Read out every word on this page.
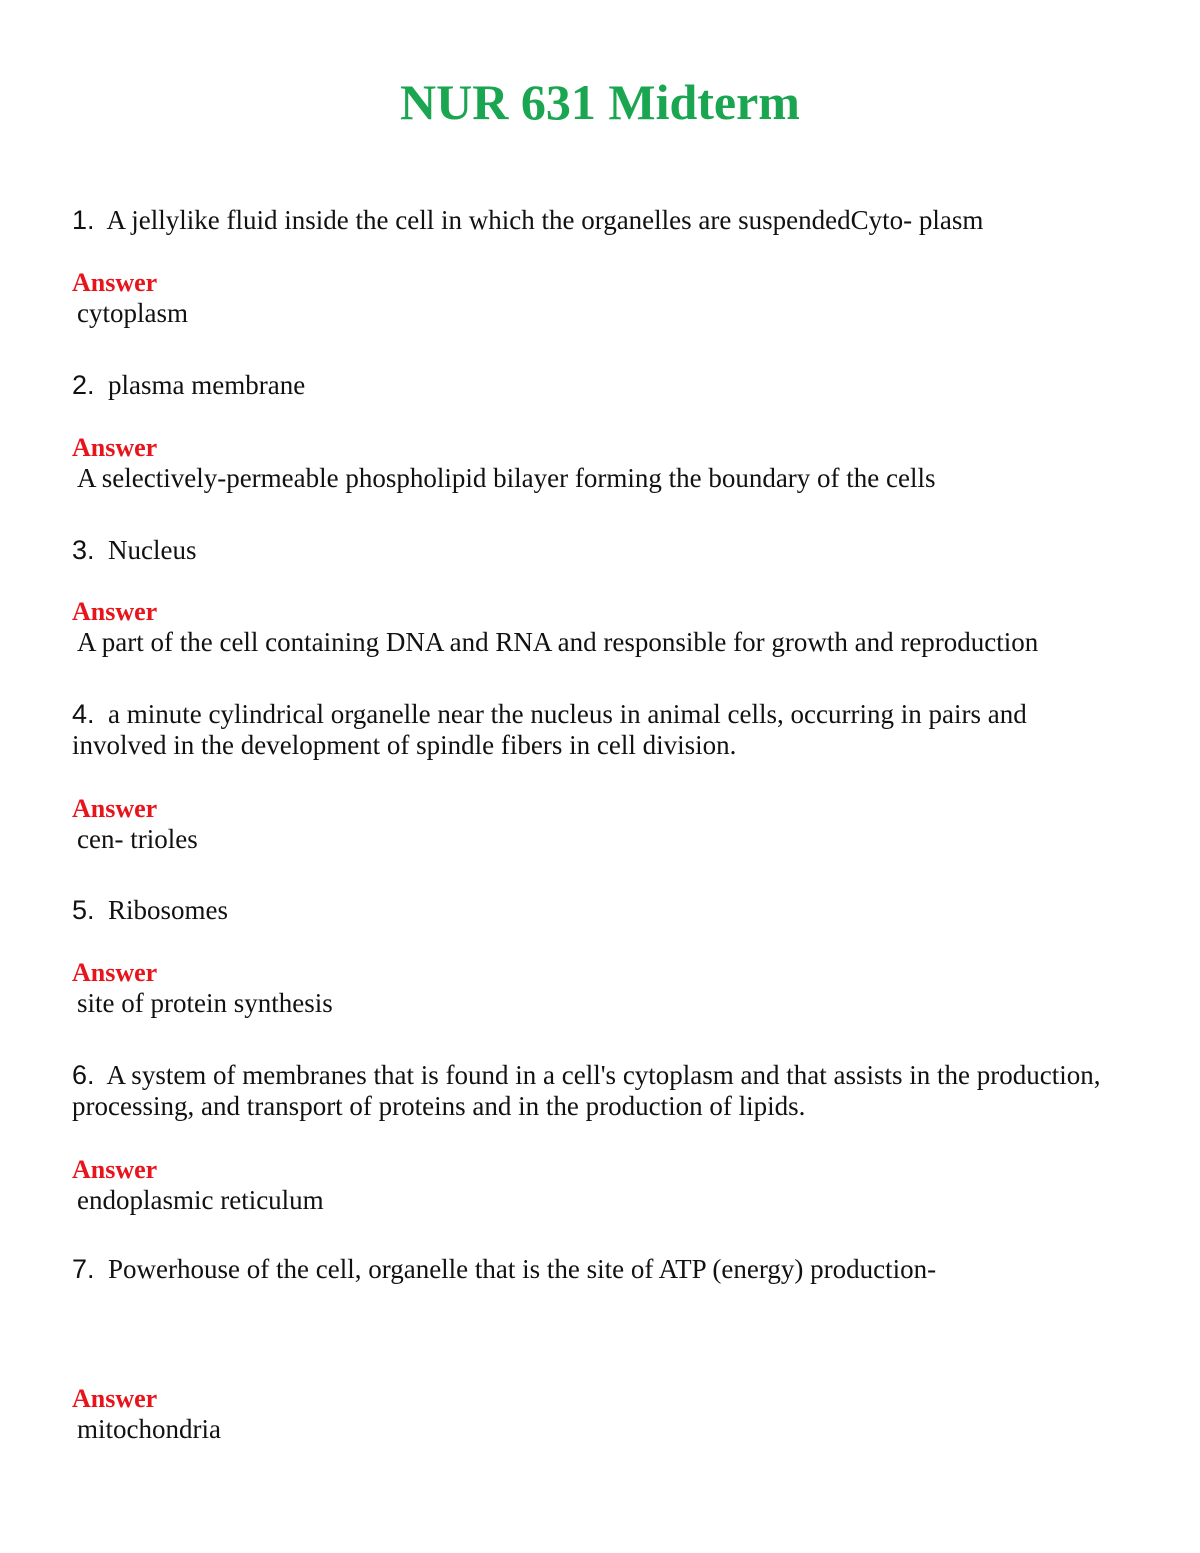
NUR 631 Midterm
1. A jellylike fluid inside the cell in which the organelles are suspendedCyto- plasm
Answer
cytoplasm
2. plasma membrane
Answer
A selectively-permeable phospholipid bilayer forming the boundary of the cells
3. Nucleus
Answer
A part of the cell containing DNA and RNA and responsible for growth and reproduction
4. a minute cylindrical organelle near the nucleus in animal cells, occurring in pairs and involved in the development of spindle fibers in cell division.
Answer
cen- trioles
5. Ribosomes
Answer
site of protein synthesis
6. A system of membranes that is found in a cell's cytoplasm and that assists in the production, processing, and transport of proteins and in the production of lipids.
Answer
endoplasmic reticulum
7. Powerhouse of the cell, organelle that is the site of ATP (energy) production-
Answer
mitochondria
